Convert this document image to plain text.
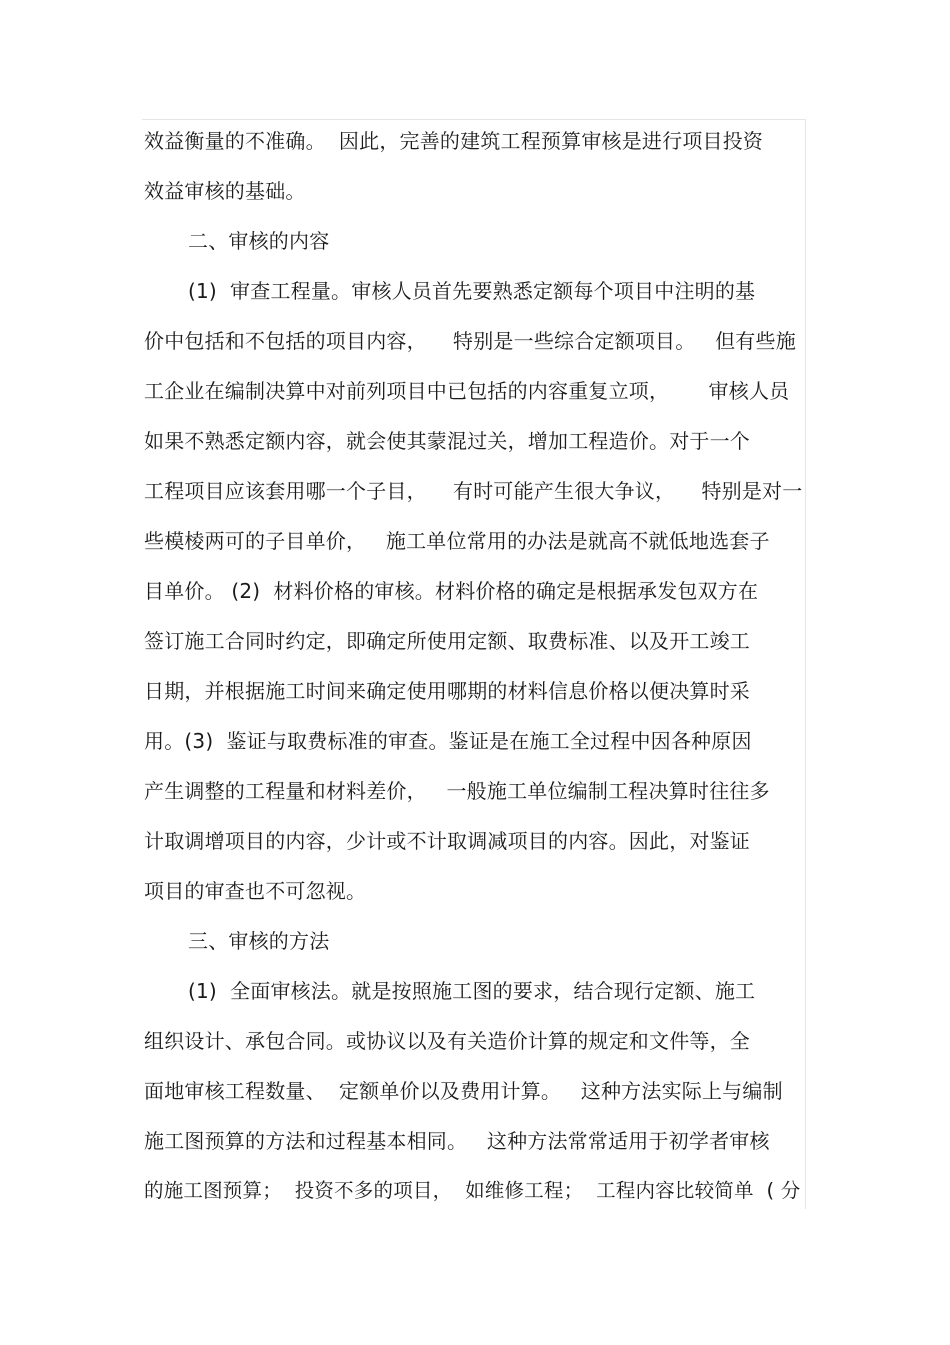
效益衡量的不准确。  因此，完善的建筑工程预算审核是进行项目投资
效益审核的基础。
二、审核的内容
(1)  审查工程量。审核人员首先要熟悉定额每个项目中注明的基
价中包括和不包括的项目内容，    特别是一些综合定额项目。   但有些施
工企业在编制决算中对前列项目中已包括的内容重复立项，      审核人员
如果不熟悉定额内容，就会使其蒙混过关，增加工程造价。对于一个
工程项目应该套用哪一个子目，    有时可能产生很大争议，    特别是对一
些模棱两可的子目单价，   施工单位常用的办法是就高不就低地选套子
目单价。 (2)  材料价格的审核。材料价格的确定是根据承发包双方在
签订施工合同时约定，即确定所使用定额、取费标准、以及开工竣工
日期，并根据施工时间来确定使用哪期的材料信息价格以便决算时采
用。(3)  鉴证与取费标准的审查。鉴证是在施工全过程中因各种原因
产生调整的工程量和材料差价，   一般施工单位编制工程决算时往往多
计取调增项目的内容，少计或不计取调减项目的内容。因此，对鉴证
项目的审查也不可忽视。
三、审核的方法
(1)  全面审核法。就是按照施工图的要求，结合现行定额、施工
组织设计、承包合同。或协议以及有关造价计算的规定和文件等，全
面地审核工程数量、  定额单价以及费用计算。   这种方法实际上与编制
施工图预算的方法和过程基本相同。   这种方法常常适用于初学者审核
的施工图预算；  投资不多的项目，  如维修工程；  工程内容比较简单  ( 分
